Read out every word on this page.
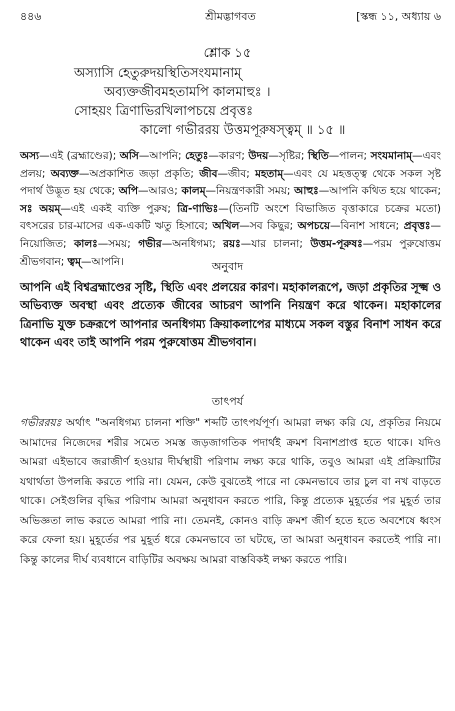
৪৪৬	শ্রীমদ্ভাগবত	[স্কন্ধ ১১, অধ্যায় ৬
শ্লোক ১৫
অস্যাসি হেতুরুদয়স্থিতিসংযমানাম্
অব্যক্তজীবমহতামপি কালমাহুঃ ।
সোহয়ং ত্রিণাভিরখিলাপচয়ে প্রবৃত্তঃ
কালো গভীররয় উত্তমপূরুষস্ত্বম্ ॥ ১৫ ॥
অস্য—এই (ব্রহ্মাণ্ডের); অসি—আপনি; হেতুঃ—কারণ; উদয়—সৃষ্টির; স্থিতি—পালন; সংযমানাম্—এবং প্রলয়; অব্যক্ত—অপ্রকাশিত জড়া প্রকৃতি; জীব—জীব; মহতাম্—এবং যে মহত্তত্ত্ব থেকে সকল সৃষ্ট পদার্থ উদ্ভূত হয় থেকে; অপি—আরও; কালম্—নিয়ন্ত্রণকারী সময়; আহুঃ—আপনি কথিত হয়ে থাকেন; সঃ অয়ম্—এই একই ব্যক্তি পুরুষ; ত্রি-ণাভিঃ—(তিনটি অংশে বিভাজিত বৃত্তাকারে চক্রের মতো) বৎসরের চার-মাসের এক-একটি ঋতু হিসাবে; অখিল—সব কিছুর; অপচয়ে—বিনাশ সাধনে; প্রবৃত্তঃ—নিয়োজিত; কালঃ—সময়; গভীর—অনধিগম্য; রয়ঃ—যার চালনা; উত্তম-পূরুষঃ—পরম পুরুষোত্তম শ্রীভগবান; ত্বম্—আপনি।	অনুবাদ
আপনি এই বিশ্বব্রহ্মাণ্ডের সৃষ্টি, স্থিতি এবং প্রলয়ের কারণ। মহাকালরূপে, জড়া প্রকৃতির সূক্ষ্ম ও অভিব্যক্ত অবস্থা এবং প্রত্যেক জীবের আচরণ আপনি নিয়ন্ত্রণ করে থাকেন। মহাকালের ত্রিনাভি যুক্ত চক্ররূপে আপনার অনধিগম্য ক্রিয়াকলাপের মাধ্যমে সকল বস্তুর বিনাশ সাধন করে থাকেন এবং তাই আপনি পরম পুরুষোত্তম শ্রীভগবান।
তাৎপর্য
গভীররয়ঃ অর্থাৎ "অনধিগম্য চালনা শক্তি" শব্দটি তাৎপর্যপূর্ণ। আমরা লক্ষ্য করি যে, প্রকৃতির নিয়মে আমাদের নিজেদের শরীর সমেত সমস্ত জড়জাগতিক পদার্থই ক্রমশ বিনাশপ্রাপ্ত হতে থাকে। যদিও আমরা এইভাবে জরাজীর্ণ হওয়ার দীর্ঘস্থায়ী পরিণাম লক্ষ্য করে থাকি, তবুও আমরা এই প্রক্রিয়াটির যথার্থতা উপলব্ধি করতে পারি না। যেমন, কেউ বুঝতেই পারে না কেমনভাবে তার চুল বা নখ বাড়তে থাকে। সেইগুলির বৃদ্ধির পরিণাম আমরা অনুধাবন করতে পারি, কিন্তু প্রত্যেক মুহূর্তের পর মুহূর্ত তার অভিজ্ঞতা লাভ করতে আমরা পারি না। তেমনই, কোনও বাড়ি ক্রমশ জীর্ণ হতে হতে অবশেষে ধ্বংস করে ফেলা হয়। মুহূর্তের পর মুহূর্ত ধরে কেমনভাবে তা ঘটছে, তা আমরা অনুধাবন করতেই পারি না। কিন্তু কালের দীর্ঘ ব্যবধানে বাড়িটির অবক্ষয় আমরা বাস্তবিকই লক্ষ্য করতে পারি।
